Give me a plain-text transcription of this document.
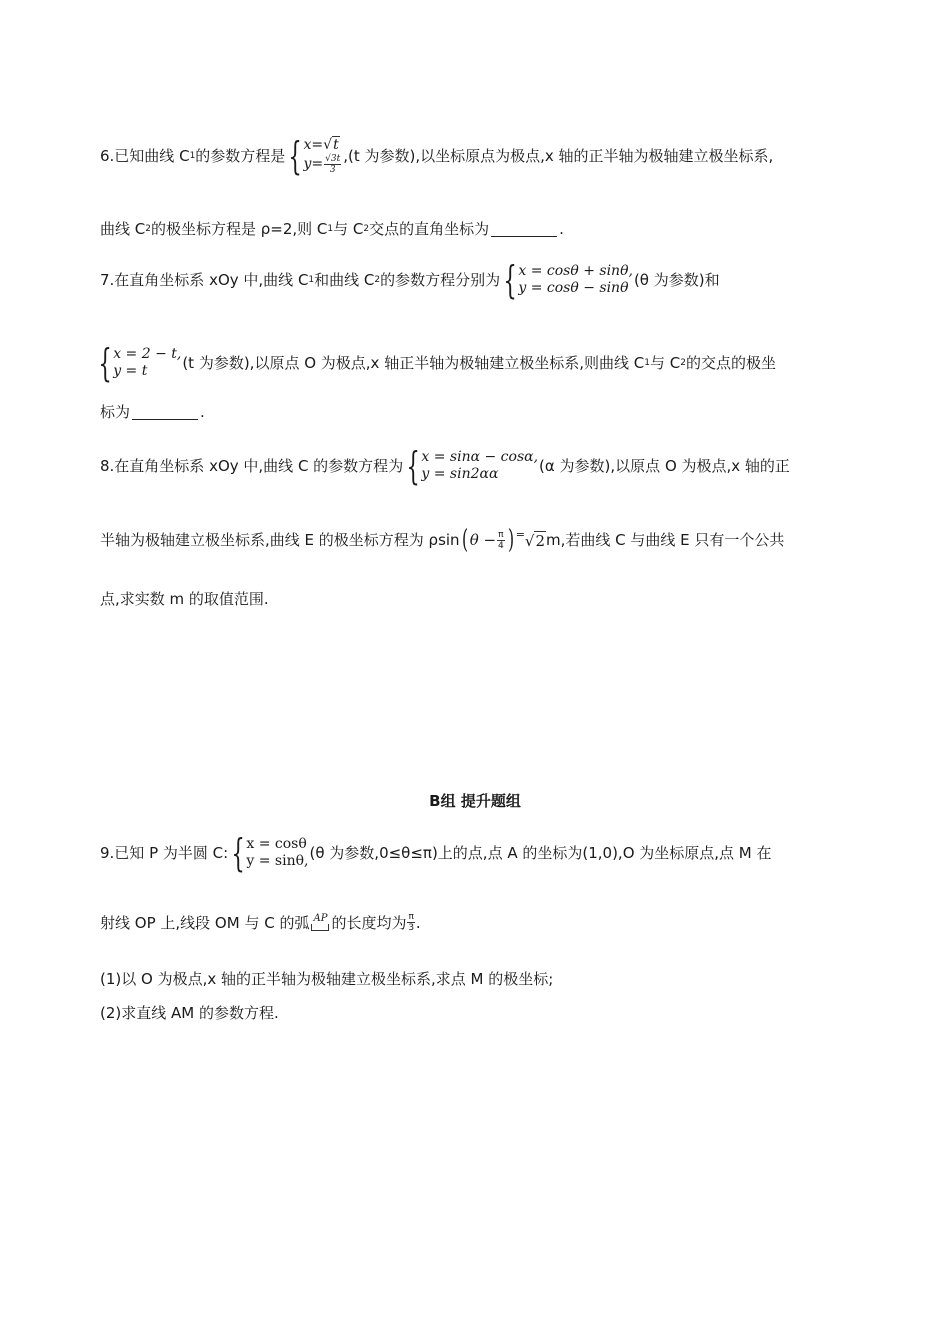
6.已知曲线 C 1 的参数方程是 { x = √ t
$y = \frac{√3t}{3} ,(t$ 为参数),以坐标原点为极点,x 轴的正半轴为极轴建立极坐标系,
曲线 C 2 的极坐标方程是 ρ=2,则 C 1 与 C 2 交点的直角坐标为	.
7.在直角坐标系 xOy 中,曲线 C 1 和曲线 C 2 的参数方程分别为 { x = cosθ + sinθ,
y = cosθ − sinθ (θ 为参数)和
{ x = 2 − t,
y = t	(t 为参数),以原点 O 为极点,x 轴正半轴为极轴建立极坐标系,则曲线 C 1 与 C 2 的交点的极坐
标为	.
8.在直角坐标系 xOy 中,曲线 C 的参数方程为 { x = sinα − cosα,
y = sin2αα	(α 为参数),以原点 O 为极点,x 轴的正
半轴为极轴建立极坐标系,曲线 E 的极坐标方程为 ρsin ( $\theta - \frac{\pi}{4}$ ) = √ 2 m,若曲线 C 与曲线 E 只有一个公共
点,求实数 m 的取值范围.
B组 提升题组
9.已知 P 为半圆 C: { x = cosθ
y = sinθ, (θ 为参数,0≤θ≤π)上的点,点 A 的坐标为(1,0),O 为坐标原点,点 M 在
射线 OP 上,线段 OM 与 C 的弧 AP 的长度均为 $\frac{\pi}{3}$ .
(1)以 O 为极点,x 轴的正半轴为极轴建立极坐标系,求点 M 的极坐标;
(2)求直线 AM 的参数方程.
